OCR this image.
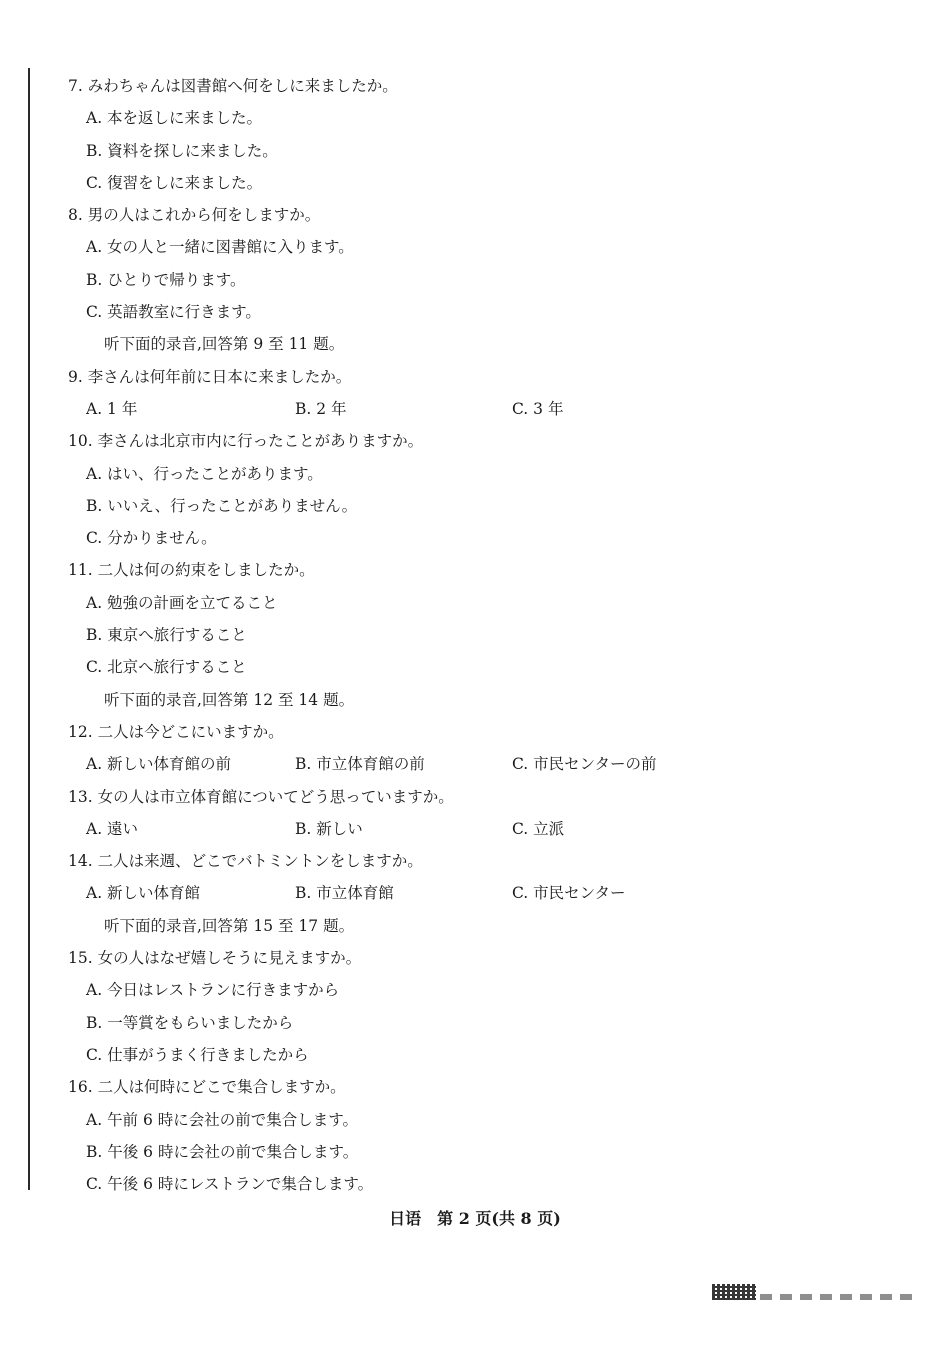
7. みわちゃんは図書館へ何をしに来ましたか。
A. 本を返しに来ました。
B. 資料を探しに来ました。
C. 復習をしに来ました。
8. 男の人はこれから何をしますか。
A. 女の人と一緒に図書館に入ります。
B. ひとりで帰ります。
C. 英語教室に行きます。
听下面的录音,回答第 9 至 11 题。
9. 李さんは何年前に日本に来ましたか。
A. 1 年	B. 2 年	C. 3 年
10. 李さんは北京市内に行ったことがありますか。
A. はい、行ったことがあります。
B. いいえ、行ったことがありません。
C. 分かりません。
11. 二人は何の約束をしましたか。
A. 勉強の計画を立てること
B. 東京へ旅行すること
C. 北京へ旅行すること
听下面的录音,回答第 12 至 14 题。
12. 二人は今どこにいますか。
A. 新しい体育館の前	B. 市立体育館の前	C. 市民センターの前
13. 女の人は市立体育館についてどう思っていますか。
A. 遠い	B. 新しい	C. 立派
14. 二人は来週、どこでバトミントンをしますか。
A. 新しい体育館	B. 市立体育館	C. 市民センター
听下面的录音,回答第 15 至 17 题。
15. 女の人はなぜ嬉しそうに見えますか。
A. 今日はレストランに行きますから
B. 一等賞をもらいましたから
C. 仕事がうまく行きましたから
16. 二人は何時にどこで集合しますか。
A. 午前 6 時に会社の前で集合します。
B. 午後 6 時に会社の前で集合します。
C. 午後 6 時にレストランで集合します。
日语　第 2 页(共 8 页)
